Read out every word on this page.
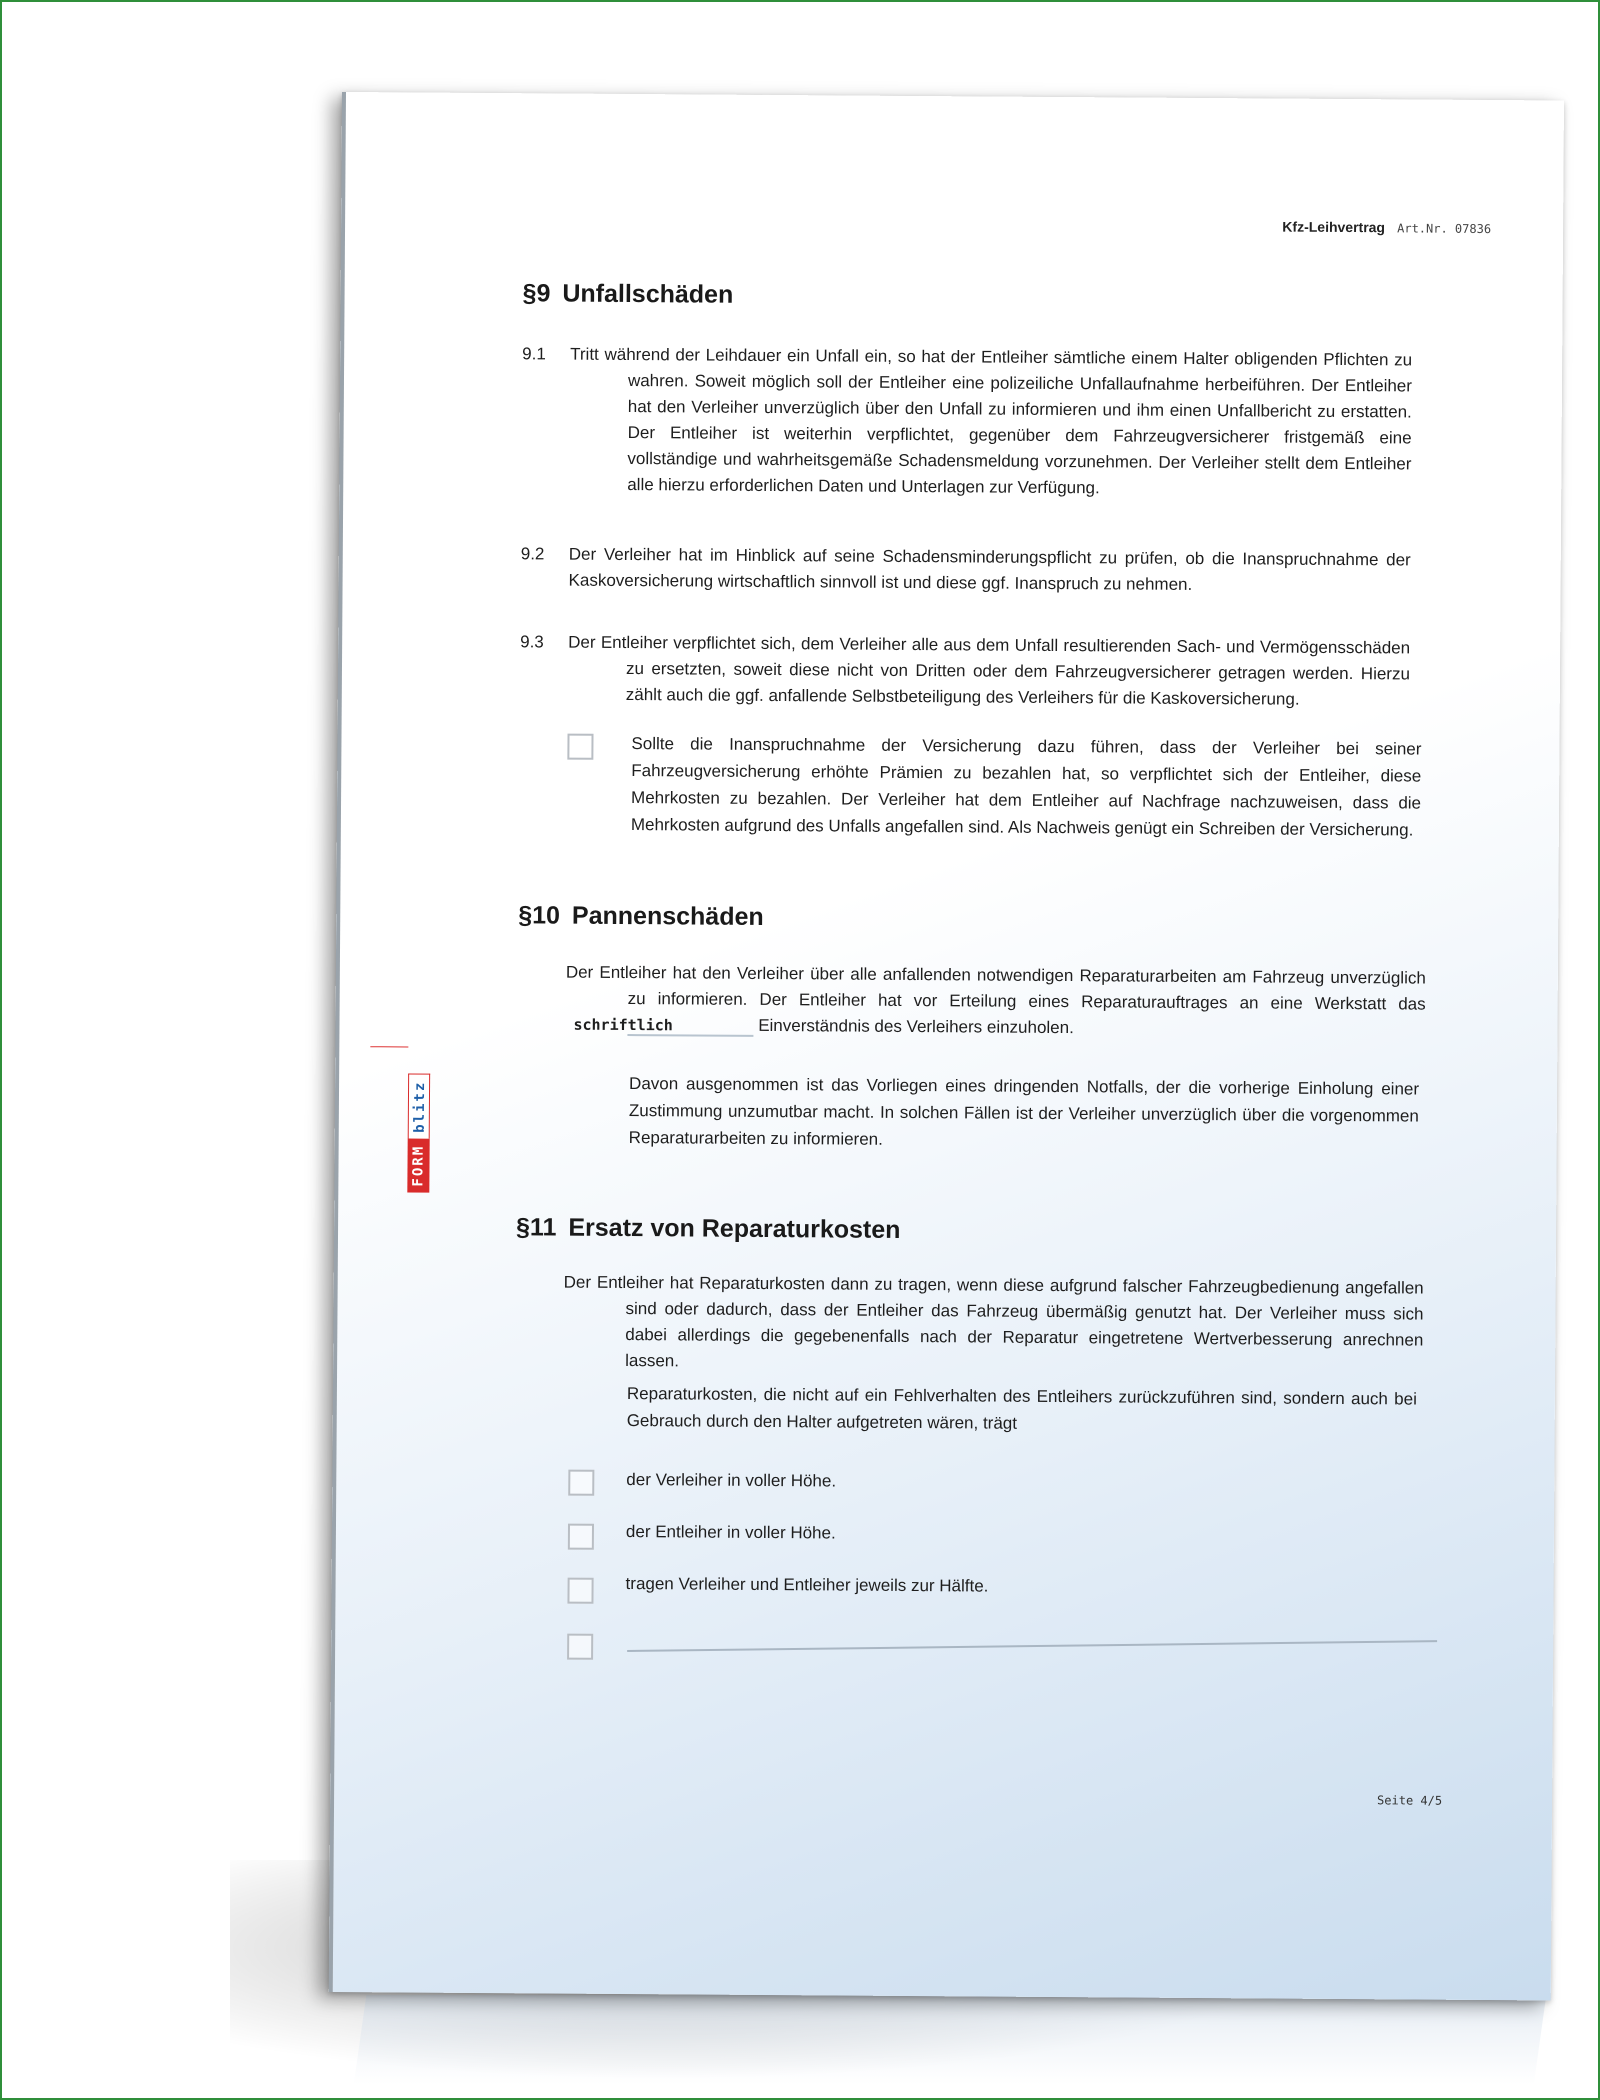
Kfz-Leihvertrag Art.Nr. 07836
§9 Unfallschäden
9.1	Tritt während der Leihdauer ein Unfall ein, so hat der Entleiher sämtliche einem Halter obligenden Pflichten zu wahren. Soweit möglich soll der Entleiher eine polizeiliche Unfallaufnahme herbeiführen. Der Entleiher hat den Verleiher unverzüglich über den Unfall zu informieren und ihm einen Unfallbericht zu erstatten. Der Entleiher ist weiterhin verpflichtet, gegenüber dem Fahrzeugversicherer fristgemäß eine vollständige und wahrheitsgemäße Schadensmeldung vorzunehmen. Der Verleiher stellt dem Entleiher alle hierzu erforderlichen Daten und Unterlagen zur Verfügung.
9.2	Der Verleiher hat im Hinblick auf seine Schadensminderungspflicht zu prüfen, ob die Inanspruchnahme der Kaskoversicherung wirtschaftlich sinnvoll ist und diese ggf. Inanspruch zu nehmen.
9.3	Der Entleiher verpflichtet sich, dem Verleiher alle aus dem Unfall resultierenden Sach- und Vermögensschäden zu ersetzten, soweit diese nicht von Dritten oder dem Fahrzeugversicherer getragen werden. Hierzu zählt auch die ggf. anfallende Selbstbeteiligung des Verleihers für die Kaskoversicherung.
Sollte die Inanspruchnahme der Versicherung dazu führen, dass der Verleiher bei seiner Fahrzeugversicherung erhöhte Prämien zu bezahlen hat, so verpflichtet sich der Entleiher, diese Mehrkosten zu bezahlen. Der Verleiher hat dem Entleiher auf Nachfrage nachzuweisen, dass die Mehrkosten aufgrund des Unfalls angefallen sind. Als Nachweis genügt ein Schreiben der Versicherung.
§10 Pannenschäden
Der Entleiher hat den Verleiher über alle anfallenden notwendigen Reparaturarbeiten am Fahrzeug unverzüglich zu informieren. Der Entleiher hat vor Erteilung eines Reparaturauftrages an eine Werkstatt das schriftlich	Einverständnis des Verleihers einzuholen.
Davon ausgenommen ist das Vorliegen eines dringenden Notfalls, der die vorherige Einholung einer Zustimmung unzumutbar macht. In solchen Fällen ist der Verleiher unverzüglich über die vorgenommen Reparaturarbeiten zu informieren.
§11 Ersatz von Reparaturkosten
Der Entleiher hat Reparaturkosten dann zu tragen, wenn diese aufgrund falscher Fahrzeugbedienung angefallen sind oder dadurch, dass der Entleiher das Fahrzeug übermäßig genutzt hat. Der Verleiher muss sich dabei allerdings die gegebenenfalls nach der Reparatur eingetretene Wertverbesserung anrechnen lassen.
Reparaturkosten, die nicht auf ein Fehlverhalten des Entleihers zurückzuführen sind, sondern auch bei Gebrauch durch den Halter aufgetreten wären, trägt
der Verleiher in voller Höhe.
der Entleiher in voller Höhe.
tragen Verleiher und Entleiher jeweils zur Hälfte.
Seite 4/5
FORM
blitz
